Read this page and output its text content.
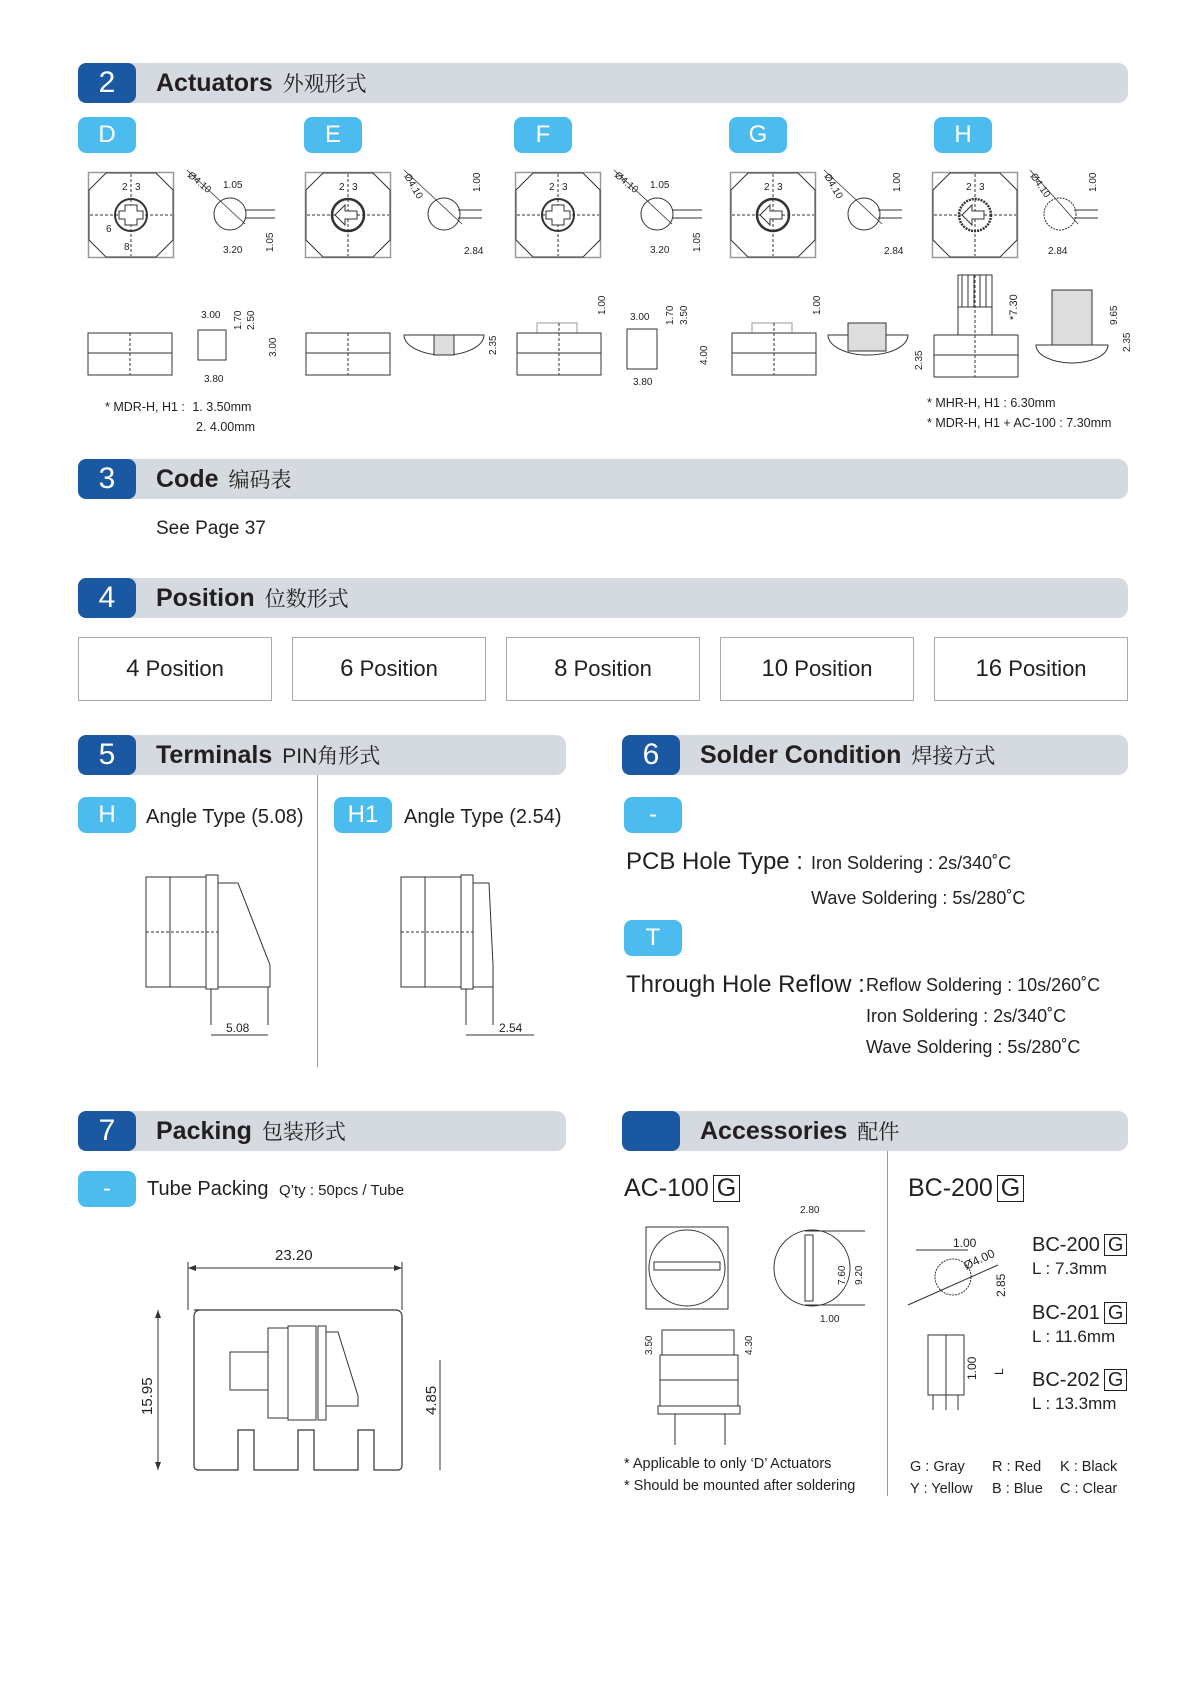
2	Actuators 外观形式
D	E	F	G	H
2 3
6
8
2 3	2 3	2 3	2 3
Ø4.10 1.05
3.20 1.05
Ø4.10	1.00
2.84
Ø4.10 1.05
3.20 1.05
Ø4.10	1.00
2.84
Ø4.10	1.00
2.84
3.00 1.70 2.50
3.00
3.80
2.35
1.00
3.00 1.70 3.50
4.00
3.80
1.00
2.35
*7.30	9.65
2.35
* MDR-H, H1 : 1. 3.50mm
2. 4.00mm
* MHR-H, H1 : 6.30mm
* MDR-H, H1 + AC-100 : 7.30mm
3	Code 编码表
See Page 37
4	Position 位数形式
4 Position	6 Position	8 Position	10 Position	16 Position
5	Terminals PIN角形式
H	Angle Type (5.08)	H1	Angle Type (2.54)
5.08	2.54
6	Solder Condition 焊接方式
-
PCB Hole Type : Iron Soldering : 2s/340˚C
Wave Soldering : 5s/280˚C
T
Through Hole Reflow : Reflow Soldering : 10s/260˚C
Iron Soldering : 2s/340˚C
Wave Soldering : 5s/280˚C
7	Packing 包装形式
-	Tube Packing Q’ty : 50pcs / Tube
23.20
15.95	4.85
Accessories 配件
AC-100 G
2.80
7.60 9.20
1.00
3.50	4.30
* Applicable to only ‘D’ Actuators
* Should be mounted after soldering
BC-200 G
1.00
Ø4.00
2.85
1.00 L
BC-200 G
L : 7.3mm
BC-201 G
L : 11.6mm
BC-202 G
L : 13.3mm
G : Gray	R : Red	K : Black
Y : Yellow	B : Blue	C : Clear
